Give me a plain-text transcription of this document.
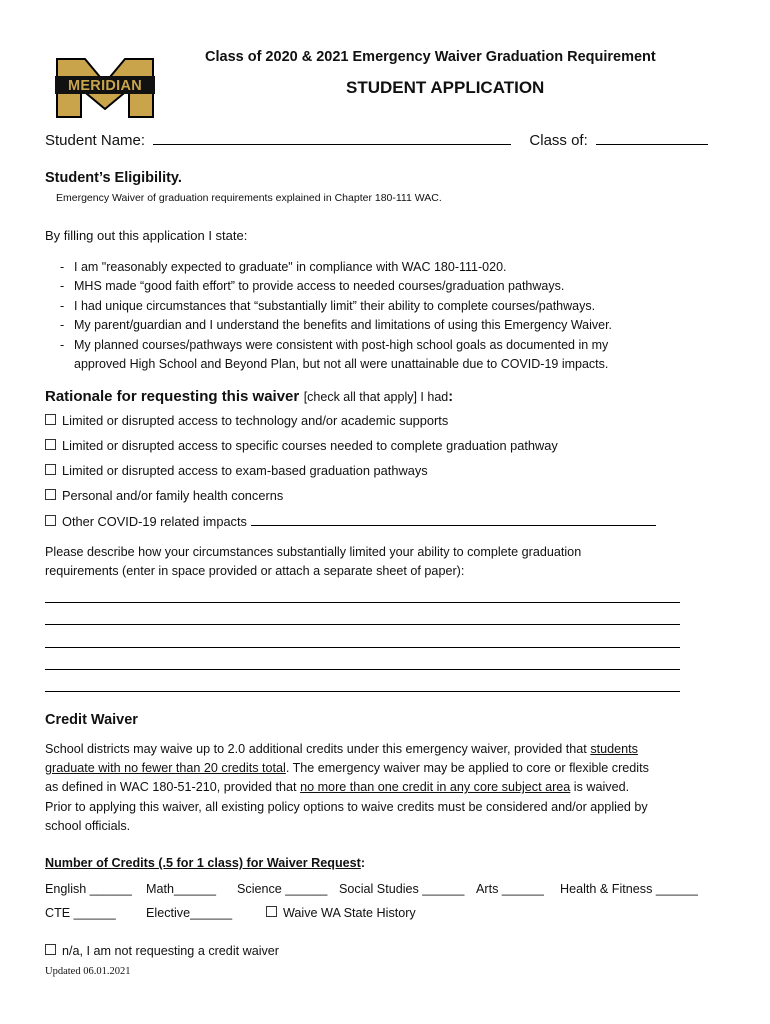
MERIDIAN
Class of 2020 & 2021 Emergency Waiver Graduation Requirement
STUDENT APPLICATION
Student Name:	Class of:
Student’s Eligibility.
Emergency Waiver of graduation requirements explained in Chapter 180-111 WAC.
By filling out this application I state:
- I am "reasonably expected to graduate" in compliance with WAC 180-111-020.
- MHS made “good faith effort” to provide access to needed courses/graduation pathways.
- I had unique circumstances that “substantially limit” their ability to complete courses/pathways.
- My parent/guardian and I understand the benefits and limitations of using this Emergency Waiver.
- My planned courses/pathways were consistent with post-high school goals as documented in my
approved High School and Beyond Plan, but not all were unattainable due to COVID-19 impacts.
Rationale for requesting this waiver [check all that apply] I had:
Limited or disrupted access to technology and/or academic supports
Limited or disrupted access to specific courses needed to complete graduation pathway
Limited or disrupted access to exam-based graduation pathways
Personal and/or family health concerns
Other COVID-19 related impacts
Please describe how your circumstances substantially limited your ability to complete graduation
requirements (enter in space provided or attach a separate sheet of paper):
Credit Waiver
School districts may waive up to 2.0 additional credits under this emergency waiver, provided that students
graduate with no fewer than 20 credits total. The emergency waiver may be applied to core or flexible credits
as defined in WAC 180-51-210, provided that no more than one credit in any core subject area is waived.
Prior to applying this waiver, all existing policy options to waive credits must be considered and/or applied by
school officials.
Number of Credits (.5 for 1 class) for Waiver Request:
English ______ Math______ Science ______ Social Studies ______ Arts ______ Health & Fitness ______
CTE ______ Elective______	Waive WA State History
n/a, I am not requesting a credit waiver
Updated 06.01.2021
